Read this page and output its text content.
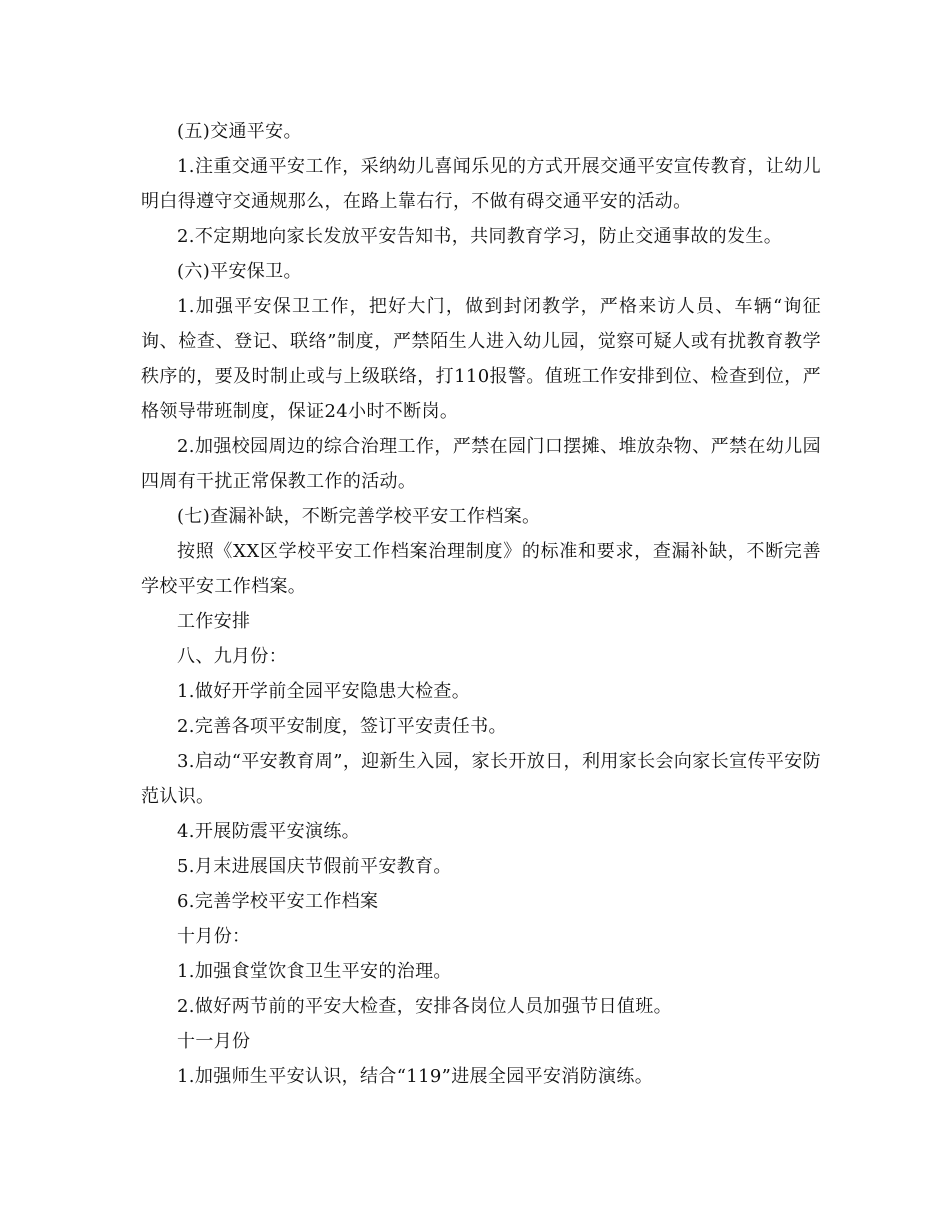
(五)交通平安。

1.注重交通平安工作，采纳幼儿喜闻乐见的方式开展交通平安宣传教育，让幼儿明白得遵守交通规那么，在路上靠右行，不做有碍交通平安的活动。

2.不定期地向家长发放平安告知书，共同教育学习，防止交通事故的发生。

(六)平安保卫。

1.加强平安保卫工作，把好大门，做到封闭教学，严格来访人员、车辆“询征询、检查、登记、联络”制度，严禁陌生人进入幼儿园，觉察可疑人或有扰教育教学秩序的，要及时制止或与上级联络，打110报警。值班工作安排到位、检查到位，严格领导带班制度，保证24小时不断岗。

2.加强校园周边的综合治理工作，严禁在园门口摆摊、堆放杂物、严禁在幼儿园四周有干扰正常保教工作的活动。

(七)查漏补缺，不断完善学校平安工作档案。

按照《XX区学校平安工作档案治理制度》的标准和要求，查漏补缺，不断完善学校平安工作档案。

工作安排

八、九月份：

1.做好开学前全园平安隐患大检查。

2.完善各项平安制度，签订平安责任书。

3.启动“平安教育周”，迎新生入园，家长开放日，利用家长会向家长宣传平安防范认识。

4.开展防震平安演练。

5.月末进展国庆节假前平安教育。

6.完善学校平安工作档案

十月份：

1.加强食堂饮食卫生平安的治理。

2.做好两节前的平安大检查，安排各岗位人员加强节日值班。

十一月份

1.加强师生平安认识，结合“119”进展全园平安消防演练。
